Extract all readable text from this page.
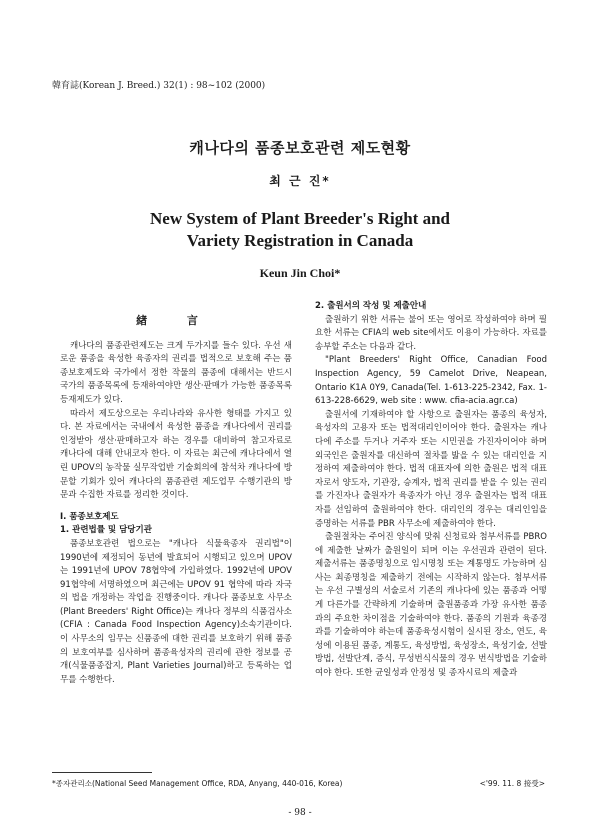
韓育誌(Korean J. Breed.) 32(1) : 98~102 (2000)
캐나다의 품종보호관련 제도현황
최 근 진*
New System of Plant Breeder's Right and
Variety Registration in Canada
Keun Jin Choi*
緖 言

캐나다의 품종관련제도는 크게 두가지를 들수 있다. 우선 새로운 품종을 육성한 육종자의 권리를 법적으로 보호해 주는 품종보호제도와 국가에서 정한 작물의 품종에 대해서는 반드시 국가의 품종목록에 등재하여야만 생산·판매가 가능한 품종목록등재제도가 있다.

따라서 제도상으로는 우리나라와 유사한 형태를 가지고 있다. 본 자료에서는 국내에서 육성한 품종을 캐나다에서 권리를 인정받아 생산·판매하고자 하는 경우를 대비하여 참고자료로 캐나다에 대해 안내코자 한다. 이 자료는 최근에 캐나다에서 열린 UPOV의 농작물 실무작업반 기술회의에 참석차 캐나다에 방문할 기회가 있어 캐나다의 품종관련 제도업무 수행기관의 방문과 수집한 자료를 정리한 것이다.

I. 품종보호제도
1. 관련법률 및 담당기관

품종보호관련 법으로는 "캐나다 식물육종자 권리법"이 1990년에 제정되어 동년에 발효되어 시행되고 있으며 UPOV는 1991년에 UPOV 78협약에 가입하였다. 1992년에 UPOV 91협약에 서명하였으며 최근에는 UPOV 91 협약에 따라 자국의 법을 개정하는 작업을 진행중이다. 캐나다 품종보호 사무소(Plant Breeders' Right Office)는 캐나다 정부의 식품검사소(CFIA : Canada Food Inspection Agency)소속기관이다. 이 사무소의 임무는 신품종에 대한 권리를 보호하기 위해 품종의 보호여부를 심사하며 품종육성자의 권리에 관한 정보를 공개(식물품종잡지, Plant Varieties Journal)하고 등록하는 업무를 수행한다.

2. 출원서의 작성 및 제출안내

출원하기 위한 서류는 불어 또는 영어로 작성하여야 하며 필요한 서류는 CFIA의 web site에서도 이용이 가능하다. 자료를 송부할 주소는 다음과 같다.

"Plant Breeders' Right Office, Canadian Food Inspection Agency, 59 Camelot Drive, Neapean, Ontario K1A 0Y9, Canada(Tel. 1-613-225-2342, Fax. 1-613-228-6629, web site : www. cfia-acia.agr.ca)

출원서에 기재하여야 할 사항으로 출원자는 품종의 육성자, 육성자의 고용자 또는 법적대리인이어야 한다. 출원자는 캐나다에 주소를 두거나 거주자 또는 시민권을 가진자이어야 하며 외국인은 출원자를 대신하여 절차를 밟을 수 있는 대리인을 지정하여 제출하여야 한다. 법적 대표자에 의한 출원은 법적 대표자로서 양도자, 기관장, 승계자, 법적 권리를 받을 수 있는 권리를 가진자나 출원자가 육종자가 아닌 경우 출원자는 법적 대표자를 선임하여 출원하여야 한다. 대리인의 경우는 대리인임을 증명하는 서류를 PBR 사무소에 제출하여야 한다.

출원절차는 주어진 양식에 맞춰 신청료와 첨부서류를 PBRO에 제출한 날짜가 출원일이 되며 이는 우선권과 관련이 된다. 제출서류는 품종명칭으로 임시명칭 또는 계통명도 가능하며 심사는 최종명칭을 제출하기 전에는 시작하지 않는다. 첨부서류는 우선 구별성의 서술로서 기존의 캐나다에 있는 품종과 어떻게 다른가를 간략하게 기술하며 출원품종과 가장 유사한 품종과의 주요한 차이점을 기술하여야 한다. 품종의 기원과 육종경과를 기술하여야 하는데 품종육성시험이 실시된 장소, 연도, 육성에 이용된 품종, 계통도, 육성방법, 육성장소, 육성기술, 선발방법, 선발단계, 증식, 무성번식식물의 경우 번식방법을 기술하여야 한다. 또한 균일성과 안정성 및 종자시료의 제출과

*종자관리소(National Seed Management Office, RDA, Anyang, 440-016, Korea)	<'99. 11. 8 接受>
- 98 -
